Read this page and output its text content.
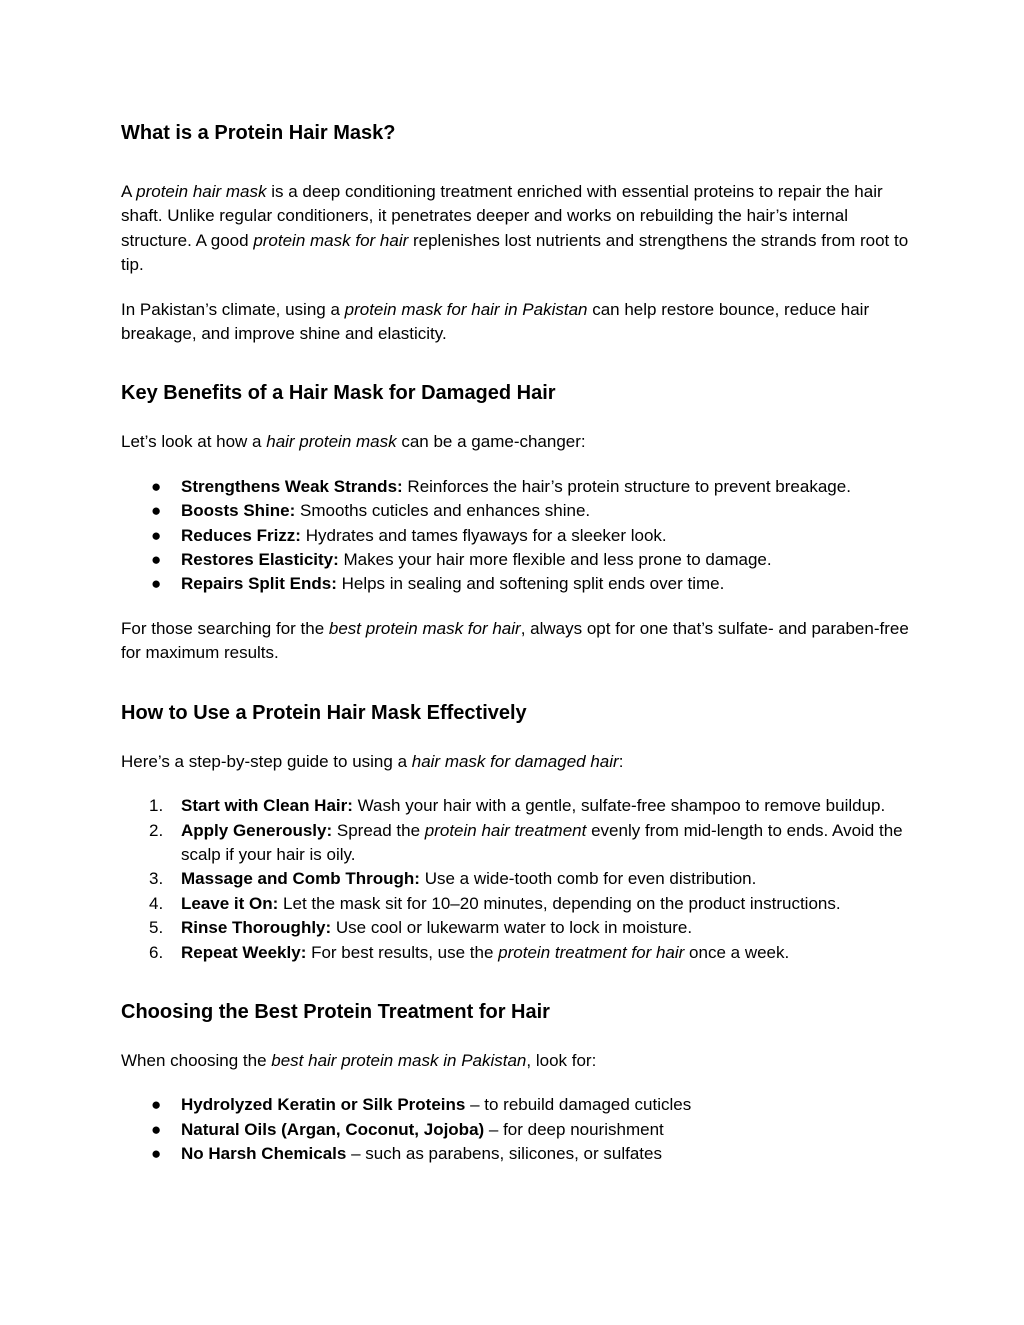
What is a Protein Hair Mask?

A protein hair mask is a deep conditioning treatment enriched with essential proteins to repair the hair shaft. Unlike regular conditioners, it penetrates deeper and works on rebuilding the hair’s internal structure. A good protein mask for hair replenishes lost nutrients and strengthens the strands from root to tip.

In Pakistan’s climate, using a protein mask for hair in Pakistan can help restore bounce, reduce hair breakage, and improve shine and elasticity.

Key Benefits of a Hair Mask for Damaged Hair

Let’s look at how a hair protein mask can be a game-changer:

●	Strengthens Weak Strands: Reinforces the hair’s protein structure to prevent breakage.
●	Boosts Shine: Smooths cuticles and enhances shine.
●	Reduces Frizz: Hydrates and tames flyaways for a sleeker look.
●	Restores Elasticity: Makes your hair more flexible and less prone to damage.
●	Repairs Split Ends: Helps in sealing and softening split ends over time.

For those searching for the best protein mask for hair, always opt for one that’s sulfate- and paraben-free for maximum results.

How to Use a Protein Hair Mask Effectively

Here’s a step-by-step guide to using a hair mask for damaged hair:

1.	Start with Clean Hair: Wash your hair with a gentle, sulfate-free shampoo to remove buildup.
2.	Apply Generously: Spread the protein hair treatment evenly from mid-length to ends. Avoid the scalp if your hair is oily.
3.	Massage and Comb Through: Use a wide-tooth comb for even distribution.
4.	Leave it On: Let the mask sit for 10–20 minutes, depending on the product instructions.
5.	Rinse Thoroughly: Use cool or lukewarm water to lock in moisture.
6.	Repeat Weekly: For best results, use the protein treatment for hair once a week.
Choosing the Best Protein Treatment for Hair

When choosing the best hair protein mask in Pakistan, look for:

●	Hydrolyzed Keratin or Silk Proteins – to rebuild damaged cuticles
●	Natural Oils (Argan, Coconut, Jojoba) – for deep nourishment
●	No Harsh Chemicals – such as parabens, silicones, or sulfates
